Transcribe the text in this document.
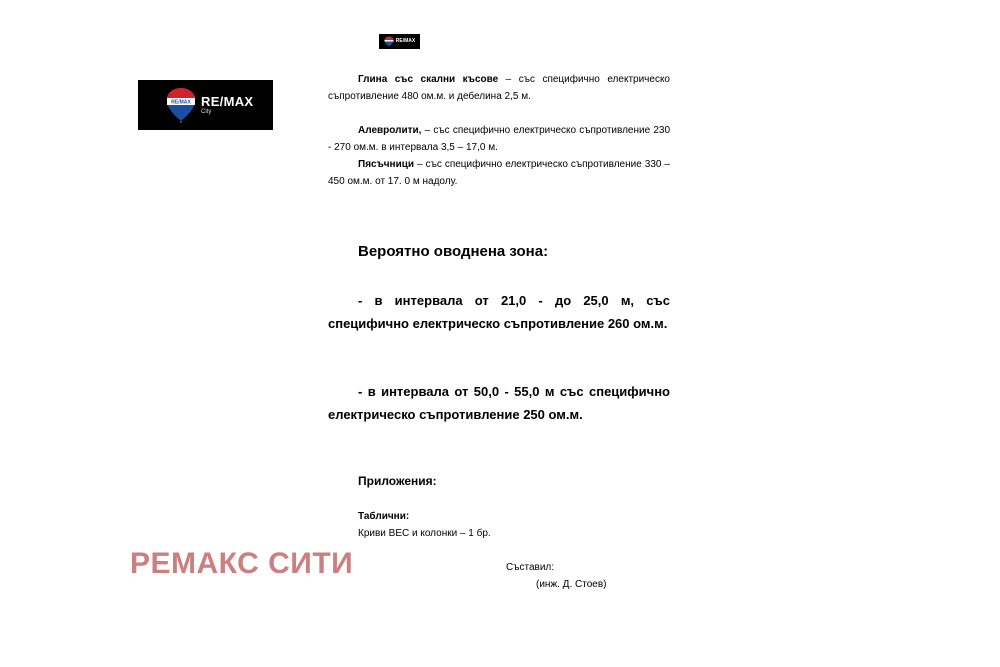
RE/MAX
RE/MAX RE/MAX
City
Глина със скални късове – със специфично електрическо съпротивление 480 ом.м. и дебелина 2,5 м.
Алевролити, – със специфично електрическо съпротивление 230 - 270 ом.м. в интервала 3,5 – 17,0 м.
Пясъчници – със специфично електрическо съпротивление 330 – 450 ом.м. от 17. 0 м надолу.
Вероятно оводнена зона:
- в интервала от 21,0 - до 25,0 м, със специфично електрическо съпротивление 260 ом.м.
- в интервала от 50,0 - 55,0 м със специфично електрическо съпротивление 250 ом.м.
Приложения:
Таблични:
Криви ВЕС и колонки – 1 бр.
РЕМАКС СИТИ	Съставил:
(инж. Д. Стоев)
